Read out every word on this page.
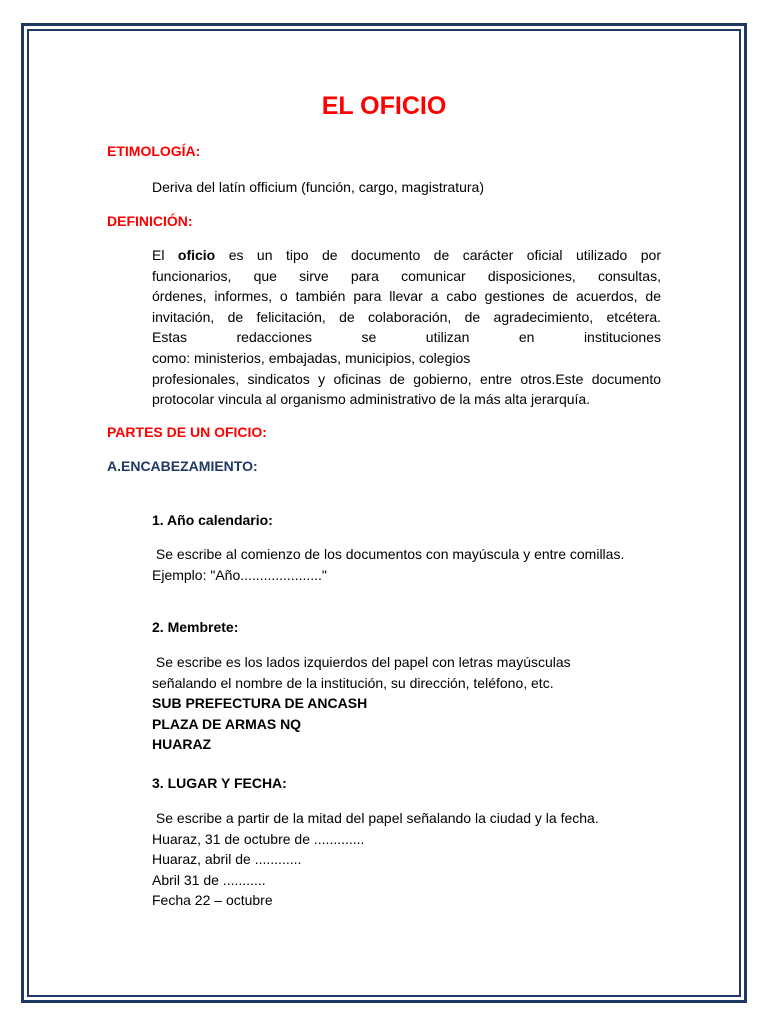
EL OFICIO
ETIMOLOGÍA:
Deriva del latín officium (función, cargo, magistratura)
DEFINICIÓN:
El oficio es un tipo de documento de carácter oficial utilizado por
funcionarios, que sirve para comunicar disposiciones, consultas,
órdenes, informes, o también para llevar a cabo gestiones de acuerdos, de
invitación, de felicitación, de colaboración, de agradecimiento, etcétera.
Estas redacciones se utilizan en instituciones
como: ministerios, embajadas, municipios, colegios
profesionales, sindicatos y oficinas de gobierno, entre otros.Este documento
protocolar vincula al organismo administrativo de la más alta jerarquía.
PARTES DE UN OFICIO:
A.ENCABEZAMIENTO:
1. Año calendario:
Se escribe al comienzo de los documentos con mayúscula y entre comillas.
Ejemplo: "Año....................."
2. Membrete:
Se escribe es los lados izquierdos del papel con letras mayúsculas
señalando el nombre de la institución, su dirección, teléfono, etc.
SUB PREFECTURA DE ANCASH
PLAZA DE ARMAS NQ
HUARAZ
3. LUGAR Y FECHA:
Se escribe a partir de la mitad del papel señalando la ciudad y la fecha.
Huaraz, 31 de octubre de .............
Huaraz, abril de ............
Abril 31 de ...........
Fecha 22 – octubre
